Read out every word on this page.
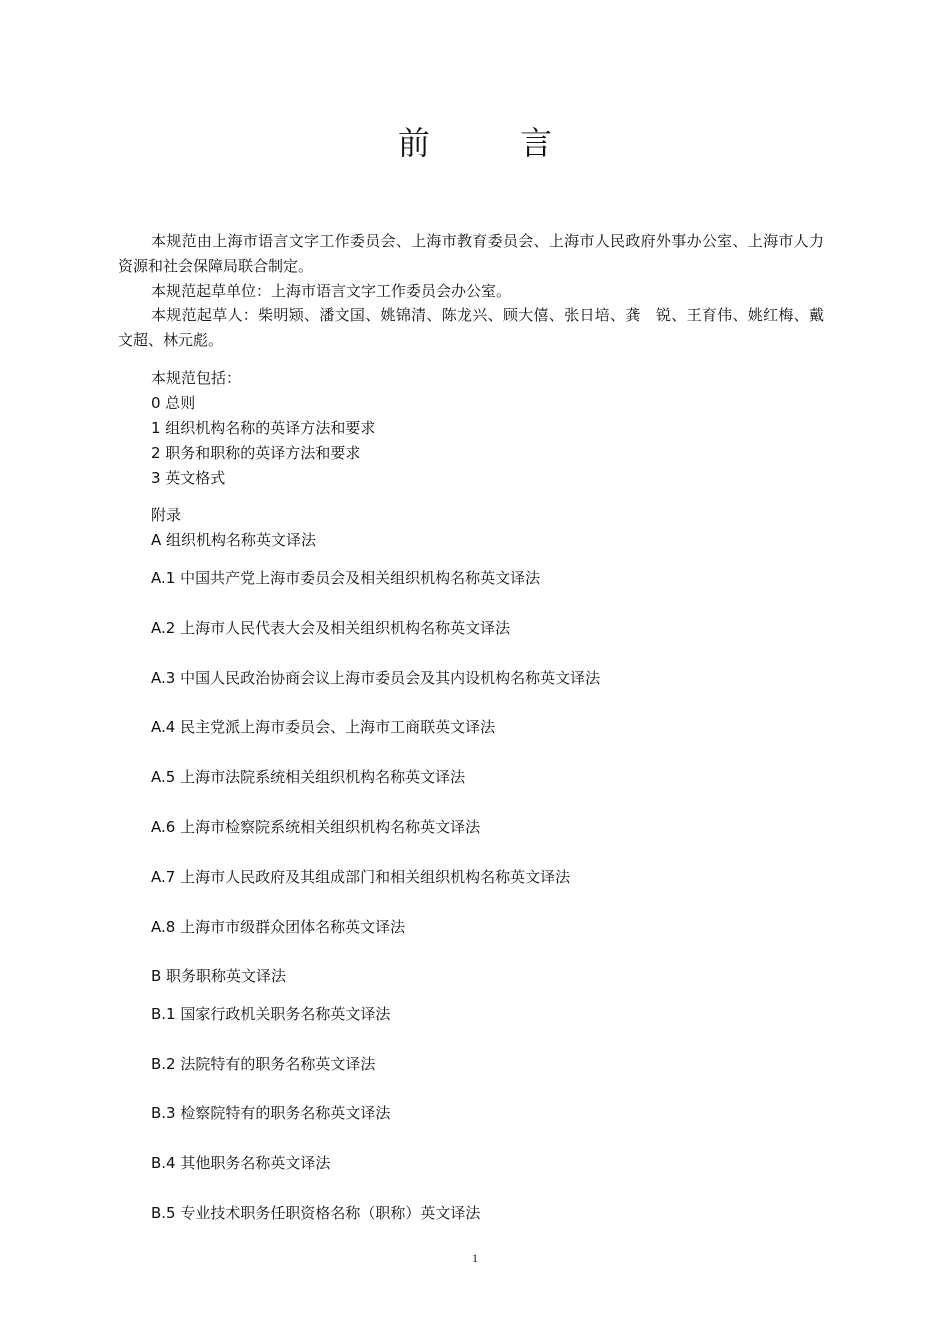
前 言
本规范由上海市语言文字工作委员会、上海市教育委员会、上海市人民政府外事办公室、上海市人力资源和社会保障局联合制定。
本规范起草单位：上海市语言文字工作委员会办公室。
本规范起草人：柴明颎、潘文国、姚锦清、陈龙兴、顾大僖、张日培、龚　锐、王育伟、姚红梅、戴文超、林元彪。
本规范包括：
0 总则
1 组织机构名称的英译方法和要求
2 职务和职称的英译方法和要求
3 英文格式
附录
A 组织机构名称英文译法
A.1 中国共产党上海市委员会及相关组织机构名称英文译法
A.2 上海市人民代表大会及相关组织机构名称英文译法
A.3 中国人民政治协商会议上海市委员会及其内设机构名称英文译法
A.4 民主党派上海市委员会、上海市工商联英文译法
A.5 上海市法院系统相关组织机构名称英文译法
A.6 上海市检察院系统相关组织机构名称英文译法
A.7 上海市人民政府及其组成部门和相关组织机构名称英文译法
A.8 上海市市级群众团体名称英文译法
B 职务职称英文译法
B.1 国家行政机关职务名称英文译法
B.2 法院特有的职务名称英文译法
B.3 检察院特有的职务名称英文译法
B.4 其他职务名称英文译法
B.5 专业技术职务任职资格名称（职称）英文译法
1
